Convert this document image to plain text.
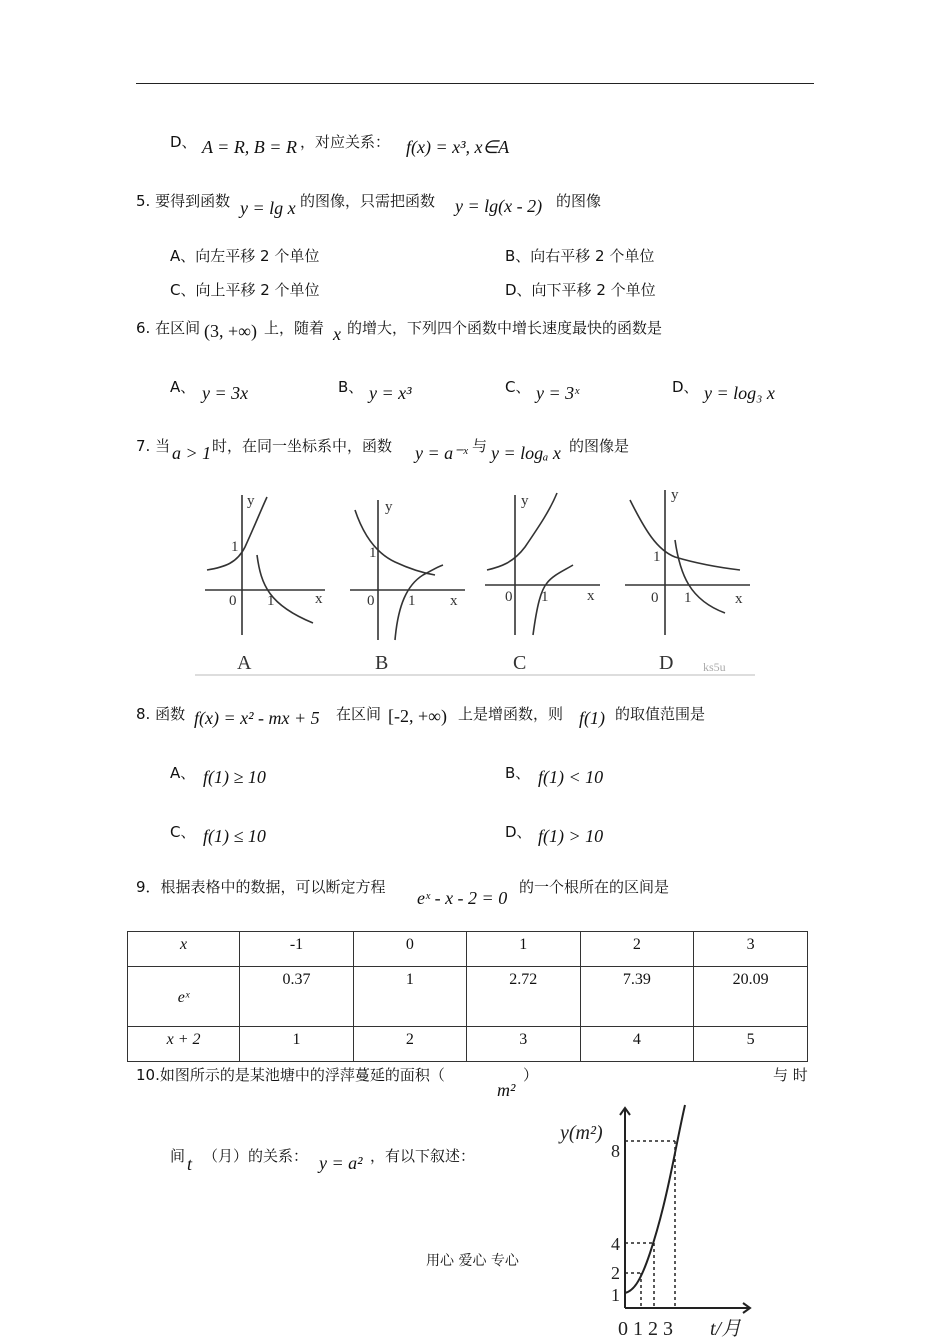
D、 A = R, B = R ，对应关系： f(x) = x³, x∈A
5. 要得到函数 y = lg x 的图像，只需把函数 y = lg(x - 2) 的图像
A、向左平移 2 个单位	B、向右平移 2 个单位
C、向上平移 2 个单位	D、向下平移 2 个单位
6. 在区间 (3, +∞) 上，随着 x 的增大，下列四个函数中增长速度最快的函数是
A、 y = 3x	B、 y = x³	C、 y = 3ˣ	D、 y = log₃ x
7. 当 a > 1 时，在同一坐标系中，函数 y = a⁻ˣ 与 y = logₐ x 的图像是
y
x
0
1
1
y
x
0
1
1
y
x
0 1
y
x
0
1
1
A	B	C	D ks5u
8. 函数 f(x) = x² - mx + 5 在区间 [-2, +∞) 上是增函数，则 f(1) 的取值范围是
A、 f(1) ≥ 10	B、 f(1) < 10
C、 f(1) ≤ 10	D、 f(1) > 10
9．根据表格中的数据，可以断定方程
eˣ - x - 2 = 0
的一个根所在的区间是
x	-1	0	1	2	3
eˣ	0.37	1	2.72	7.39	20.09
x + 2	1	2	3	4	5
10.如图所示的是某池塘中的浮萍蔓延的面积（
m²
）	与 时
间 t （月）的关系： y = a² ，有以下叙述：
y(m²)
8
4
2
1
0 1 2 3 t/月
用心 爱心 专心
